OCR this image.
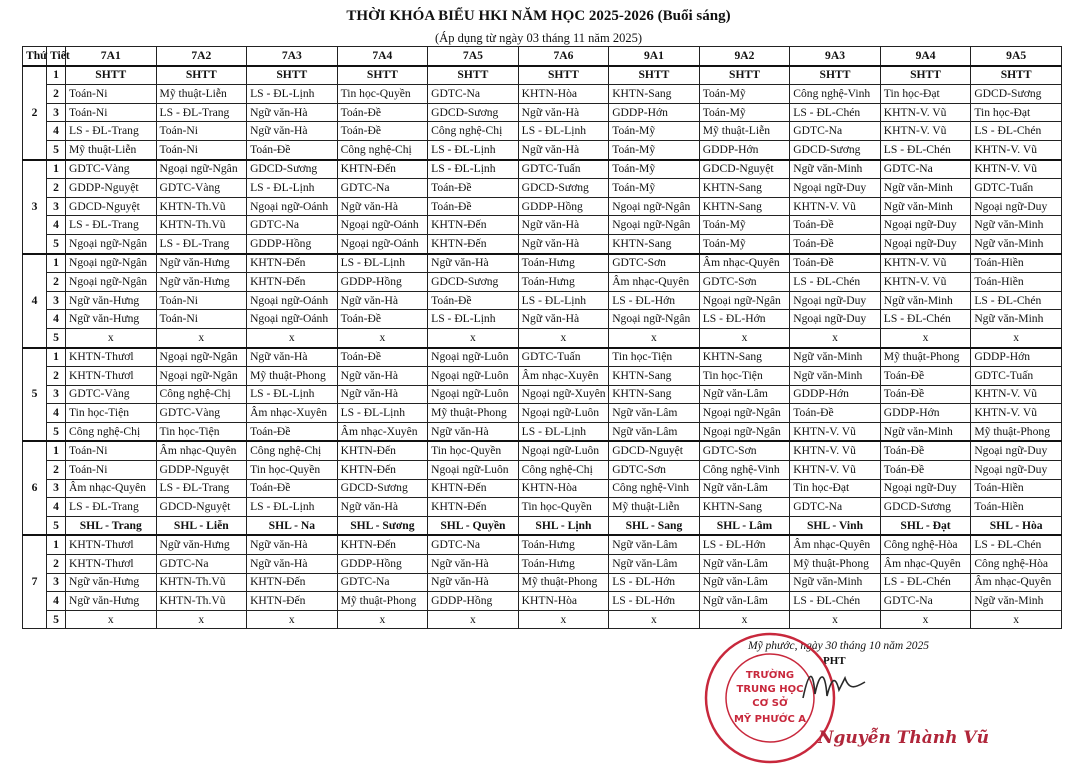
THỜI KHÓA BIỂU HKI NĂM HỌC 2025-2026 (Buổi sáng)
(Áp dụng từ ngày 03 tháng 11 năm 2025)
Thứ	Tiết	7A1	7A2	7A3	7A4	7A5	7A6	9A1	9A2	9A3	9A4	9A5
2	1	SHTT	SHTT	SHTT	SHTT	SHTT	SHTT	SHTT	SHTT	SHTT	SHTT	SHTT
	2	Toán-Ni	Mỹ thuật-Liễn	LS - ĐL-Lịnh	Tin học-Quyền	GDTC-Na	KHTN-Hòa	KHTN-Sang	Toán-Mỹ	Công nghệ-Vinh	Tin học-Đạt	GDCD-Sương
	3	Toán-Ni	LS - ĐL-Trang	Ngữ văn-Hà	Toán-Đề	GDCD-Sương	Ngữ văn-Hà	GDDP-Hớn	Toán-Mỹ	LS - ĐL-Chén	KHTN-V. Vũ	Tin học-Đạt
	4	LS - ĐL-Trang	Toán-Ni	Ngữ văn-Hà	Toán-Đề	Công nghệ-Chị	LS - ĐL-Lịnh	Toán-Mỹ	Mỹ thuật-Liễn	GDTC-Na	KHTN-V. Vũ	LS - ĐL-Chén
	5	Mỹ thuật-Liễn	Toán-Ni	Toán-Đề	Công nghệ-Chị	LS - ĐL-Lịnh	Ngữ văn-Hà	Toán-Mỹ	GDDP-Hớn	GDCD-Sương	LS - ĐL-Chén	KHTN-V. Vũ
3	1	GDTC-Vàng	Ngoại ngữ-Ngân	GDCD-Sương	KHTN-Đến	LS - ĐL-Lịnh	GDTC-Tuấn	Toán-Mỹ	GDCD-Nguyệt	Ngữ văn-Minh	GDTC-Na	KHTN-V. Vũ
	2	GDDP-Nguyệt	GDTC-Vàng	LS - ĐL-Lịnh	GDTC-Na	Toán-Đề	GDCD-Sương	Toán-Mỹ	KHTN-Sang	Ngoại ngữ-Duy	Ngữ văn-Minh	GDTC-Tuấn
	3	GDCD-Nguyệt	KHTN-Th.Vũ	Ngoại ngữ-Oánh	Ngữ văn-Hà	Toán-Đề	GDDP-Hồng	Ngoại ngữ-Ngân	KHTN-Sang	KHTN-V. Vũ	Ngữ văn-Minh	Ngoại ngữ-Duy
	4	LS - ĐL-Trang	KHTN-Th.Vũ	GDTC-Na	Ngoại ngữ-Oánh	KHTN-Đến	Ngữ văn-Hà	Ngoại ngữ-Ngân	Toán-Mỹ	Toán-Đề	Ngoại ngữ-Duy	Ngữ văn-Minh
	5	Ngoại ngữ-Ngân	LS - ĐL-Trang	GDDP-Hồng	Ngoại ngữ-Oánh	KHTN-Đến	Ngữ văn-Hà	KHTN-Sang	Toán-Mỹ	Toán-Đề	Ngoại ngữ-Duy	Ngữ văn-Minh
4	1	Ngoại ngữ-Ngân	Ngữ văn-Hưng	KHTN-Đến	LS - ĐL-Lịnh	Ngữ văn-Hà	Toán-Hưng	GDTC-Sơn	Âm nhạc-Quyên	Toán-Đề	KHTN-V. Vũ	Toán-Hiền
	2	Ngoại ngữ-Ngân	Ngữ văn-Hưng	KHTN-Đến	GDDP-Hồng	GDCD-Sương	Toán-Hưng	Âm nhạc-Quyên	GDTC-Sơn	LS - ĐL-Chén	KHTN-V. Vũ	Toán-Hiền
	3	Ngữ văn-Hưng	Toán-Ni	Ngoại ngữ-Oánh	Ngữ văn-Hà	Toán-Đề	LS - ĐL-Lịnh	LS - ĐL-Hớn	Ngoại ngữ-Ngân	Ngoại ngữ-Duy	Ngữ văn-Minh	LS - ĐL-Chén
	4	Ngữ văn-Hưng	Toán-Ni	Ngoại ngữ-Oánh	Toán-Đề	LS - ĐL-Lịnh	Ngữ văn-Hà	Ngoại ngữ-Ngân	LS - ĐL-Hớn	Ngoại ngữ-Duy	LS - ĐL-Chén	Ngữ văn-Minh
	5	x	x	x	x	x	x	x	x	x	x	x
5	1	KHTN-Thươl	Ngoại ngữ-Ngân	Ngữ văn-Hà	Toán-Đề	Ngoại ngữ-Luôn	GDTC-Tuấn	Tin học-Tiện	KHTN-Sang	Ngữ văn-Minh	Mỹ thuật-Phong	GDDP-Hớn
	2	KHTN-Thươl	Ngoại ngữ-Ngân	Mỹ thuật-Phong	Ngữ văn-Hà	Ngoại ngữ-Luôn	Âm nhạc-Xuyên	KHTN-Sang	Tin học-Tiện	Ngữ văn-Minh	Toán-Đề	GDTC-Tuấn
	3	GDTC-Vàng	Công nghệ-Chị	LS - ĐL-Lịnh	Ngữ văn-Hà	Ngoại ngữ-Luôn	Ngoại ngữ-Xuyên	KHTN-Sang	Ngữ văn-Lâm	GDDP-Hớn	Toán-Đề	KHTN-V. Vũ
	4	Tin học-Tiện	GDTC-Vàng	Âm nhạc-Xuyên	LS - ĐL-Lịnh	Mỹ thuật-Phong	Ngoại ngữ-Luôn	Ngữ văn-Lâm	Ngoại ngữ-Ngân	Toán-Đề	GDDP-Hớn	KHTN-V. Vũ
	5	Công nghệ-Chị	Tin học-Tiện	Toán-Đề	Âm nhạc-Xuyên	Ngữ văn-Hà	LS - ĐL-Lịnh	Ngữ văn-Lâm	Ngoại ngữ-Ngân	KHTN-V. Vũ	Ngữ văn-Minh	Mỹ thuật-Phong
6	1	Toán-Ni	Âm nhạc-Quyên	Công nghệ-Chị	KHTN-Đến	Tin học-Quyền	Ngoại ngữ-Luôn	GDCD-Nguyệt	GDTC-Sơn	KHTN-V. Vũ	Toán-Đề	Ngoại ngữ-Duy
	2	Toán-Ni	GDDP-Nguyệt	Tin học-Quyền	KHTN-Đến	Ngoại ngữ-Luôn	Công nghệ-Chị	GDTC-Sơn	Công nghệ-Vinh	KHTN-V. Vũ	Toán-Đề	Ngoại ngữ-Duy
	3	Âm nhạc-Quyên	LS - ĐL-Trang	Toán-Đề	GDCD-Sương	KHTN-Đến	KHTN-Hòa	Công nghệ-Vinh	Ngữ văn-Lâm	Tin học-Đạt	Ngoại ngữ-Duy	Toán-Hiền
	4	LS - ĐL-Trang	GDCD-Nguyệt	LS - ĐL-Lịnh	Ngữ văn-Hà	KHTN-Đến	Tin học-Quyền	Mỹ thuật-Liễn	KHTN-Sang	GDTC-Na	GDCD-Sương	Toán-Hiền
	5	SHL - Trang	SHL - Liễn	SHL - Na	SHL - Sương	SHL - Quyền	SHL - Lịnh	SHL - Sang	SHL - Lâm	SHL - Vinh	SHL - Đạt	SHL - Hòa
7	1	KHTN-Thươl	Ngữ văn-Hưng	Ngữ văn-Hà	KHTN-Đến	GDTC-Na	Toán-Hưng	Ngữ văn-Lâm	LS - ĐL-Hớn	Âm nhạc-Quyên	Công nghệ-Hòa	LS - ĐL-Chén
	2	KHTN-Thươl	GDTC-Na	Ngữ văn-Hà	GDDP-Hồng	Ngữ văn-Hà	Toán-Hưng	Ngữ văn-Lâm	Ngữ văn-Lâm	Mỹ thuật-Phong	Âm nhạc-Quyên	Công nghệ-Hòa
	3	Ngữ văn-Hưng	KHTN-Th.Vũ	KHTN-Đến	GDTC-Na	Ngữ văn-Hà	Mỹ thuật-Phong	LS - ĐL-Hớn	Ngữ văn-Lâm	Ngữ văn-Minh	LS - ĐL-Chén	Âm nhạc-Quyên
	4	Ngữ văn-Hưng	KHTN-Th.Vũ	KHTN-Đến	Mỹ thuật-Phong	GDDP-Hồng	KHTN-Hòa	LS - ĐL-Hớn	Ngữ văn-Lâm	LS - ĐL-Chén	GDTC-Na	Ngữ văn-Minh
	5	x	x	x	x	x	x	x	x	x	x	x
Mỹ phước, ngày 30 tháng 10 năm 2025
PHT
TRƯỜNG
TRUNG HỌC
CƠ SỞ
MỸ PHƯỚC A
Nguyễn Thành Vũ
